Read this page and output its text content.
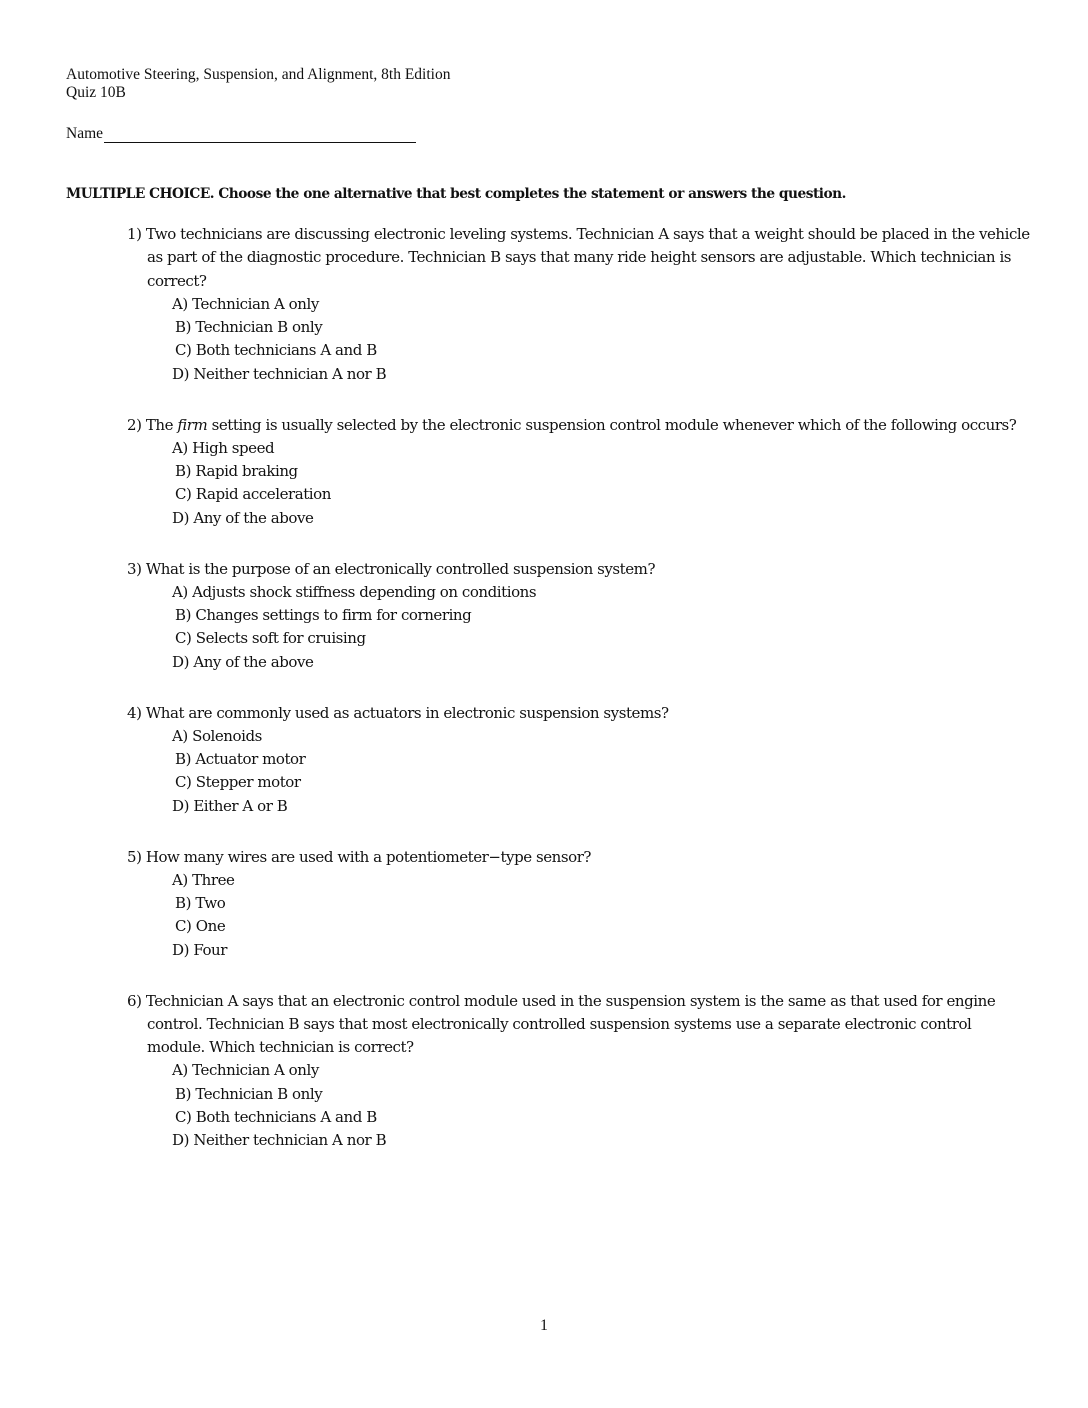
Automotive Steering, Suspension, and Alignment, 8th Edition
Quiz 10B
Name
MULTIPLE CHOICE. Choose the one alternative that best completes the statement or answers the question.
1) Two technicians are discussing electronic leveling systems. Technician A says that a weight should be placed in the vehicle as part of the diagnostic procedure. Technician B says that many ride height sensors are adjustable. Which technician is correct?
A) Technician A only
B) Technician B only
C) Both technicians A and B
D) Neither technician A nor B
2) The firm setting is usually selected by the electronic suspension control module whenever which of the following occurs?
A) High speed
B) Rapid braking
C) Rapid acceleration
D) Any of the above
3) What is the purpose of an electronically controlled suspension system?
A) Adjusts shock stiffness depending on conditions
B) Changes settings to firm for cornering
C) Selects soft for cruising
D) Any of the above
4) What are commonly used as actuators in electronic suspension systems?
A) Solenoids
B) Actuator motor
C) Stepper motor
D) Either A or B
5) How many wires are used with a potentiometer−type sensor?
A) Three
B) Two
C) One
D) Four
6) Technician A says that an electronic control module used in the suspension system is the same as that used for engine control. Technician B says that most electronically controlled suspension systems use a separate electronic control module. Which technician is correct?
A) Technician A only
B) Technician B only
C) Both technicians A and B
D) Neither technician A nor B
1
